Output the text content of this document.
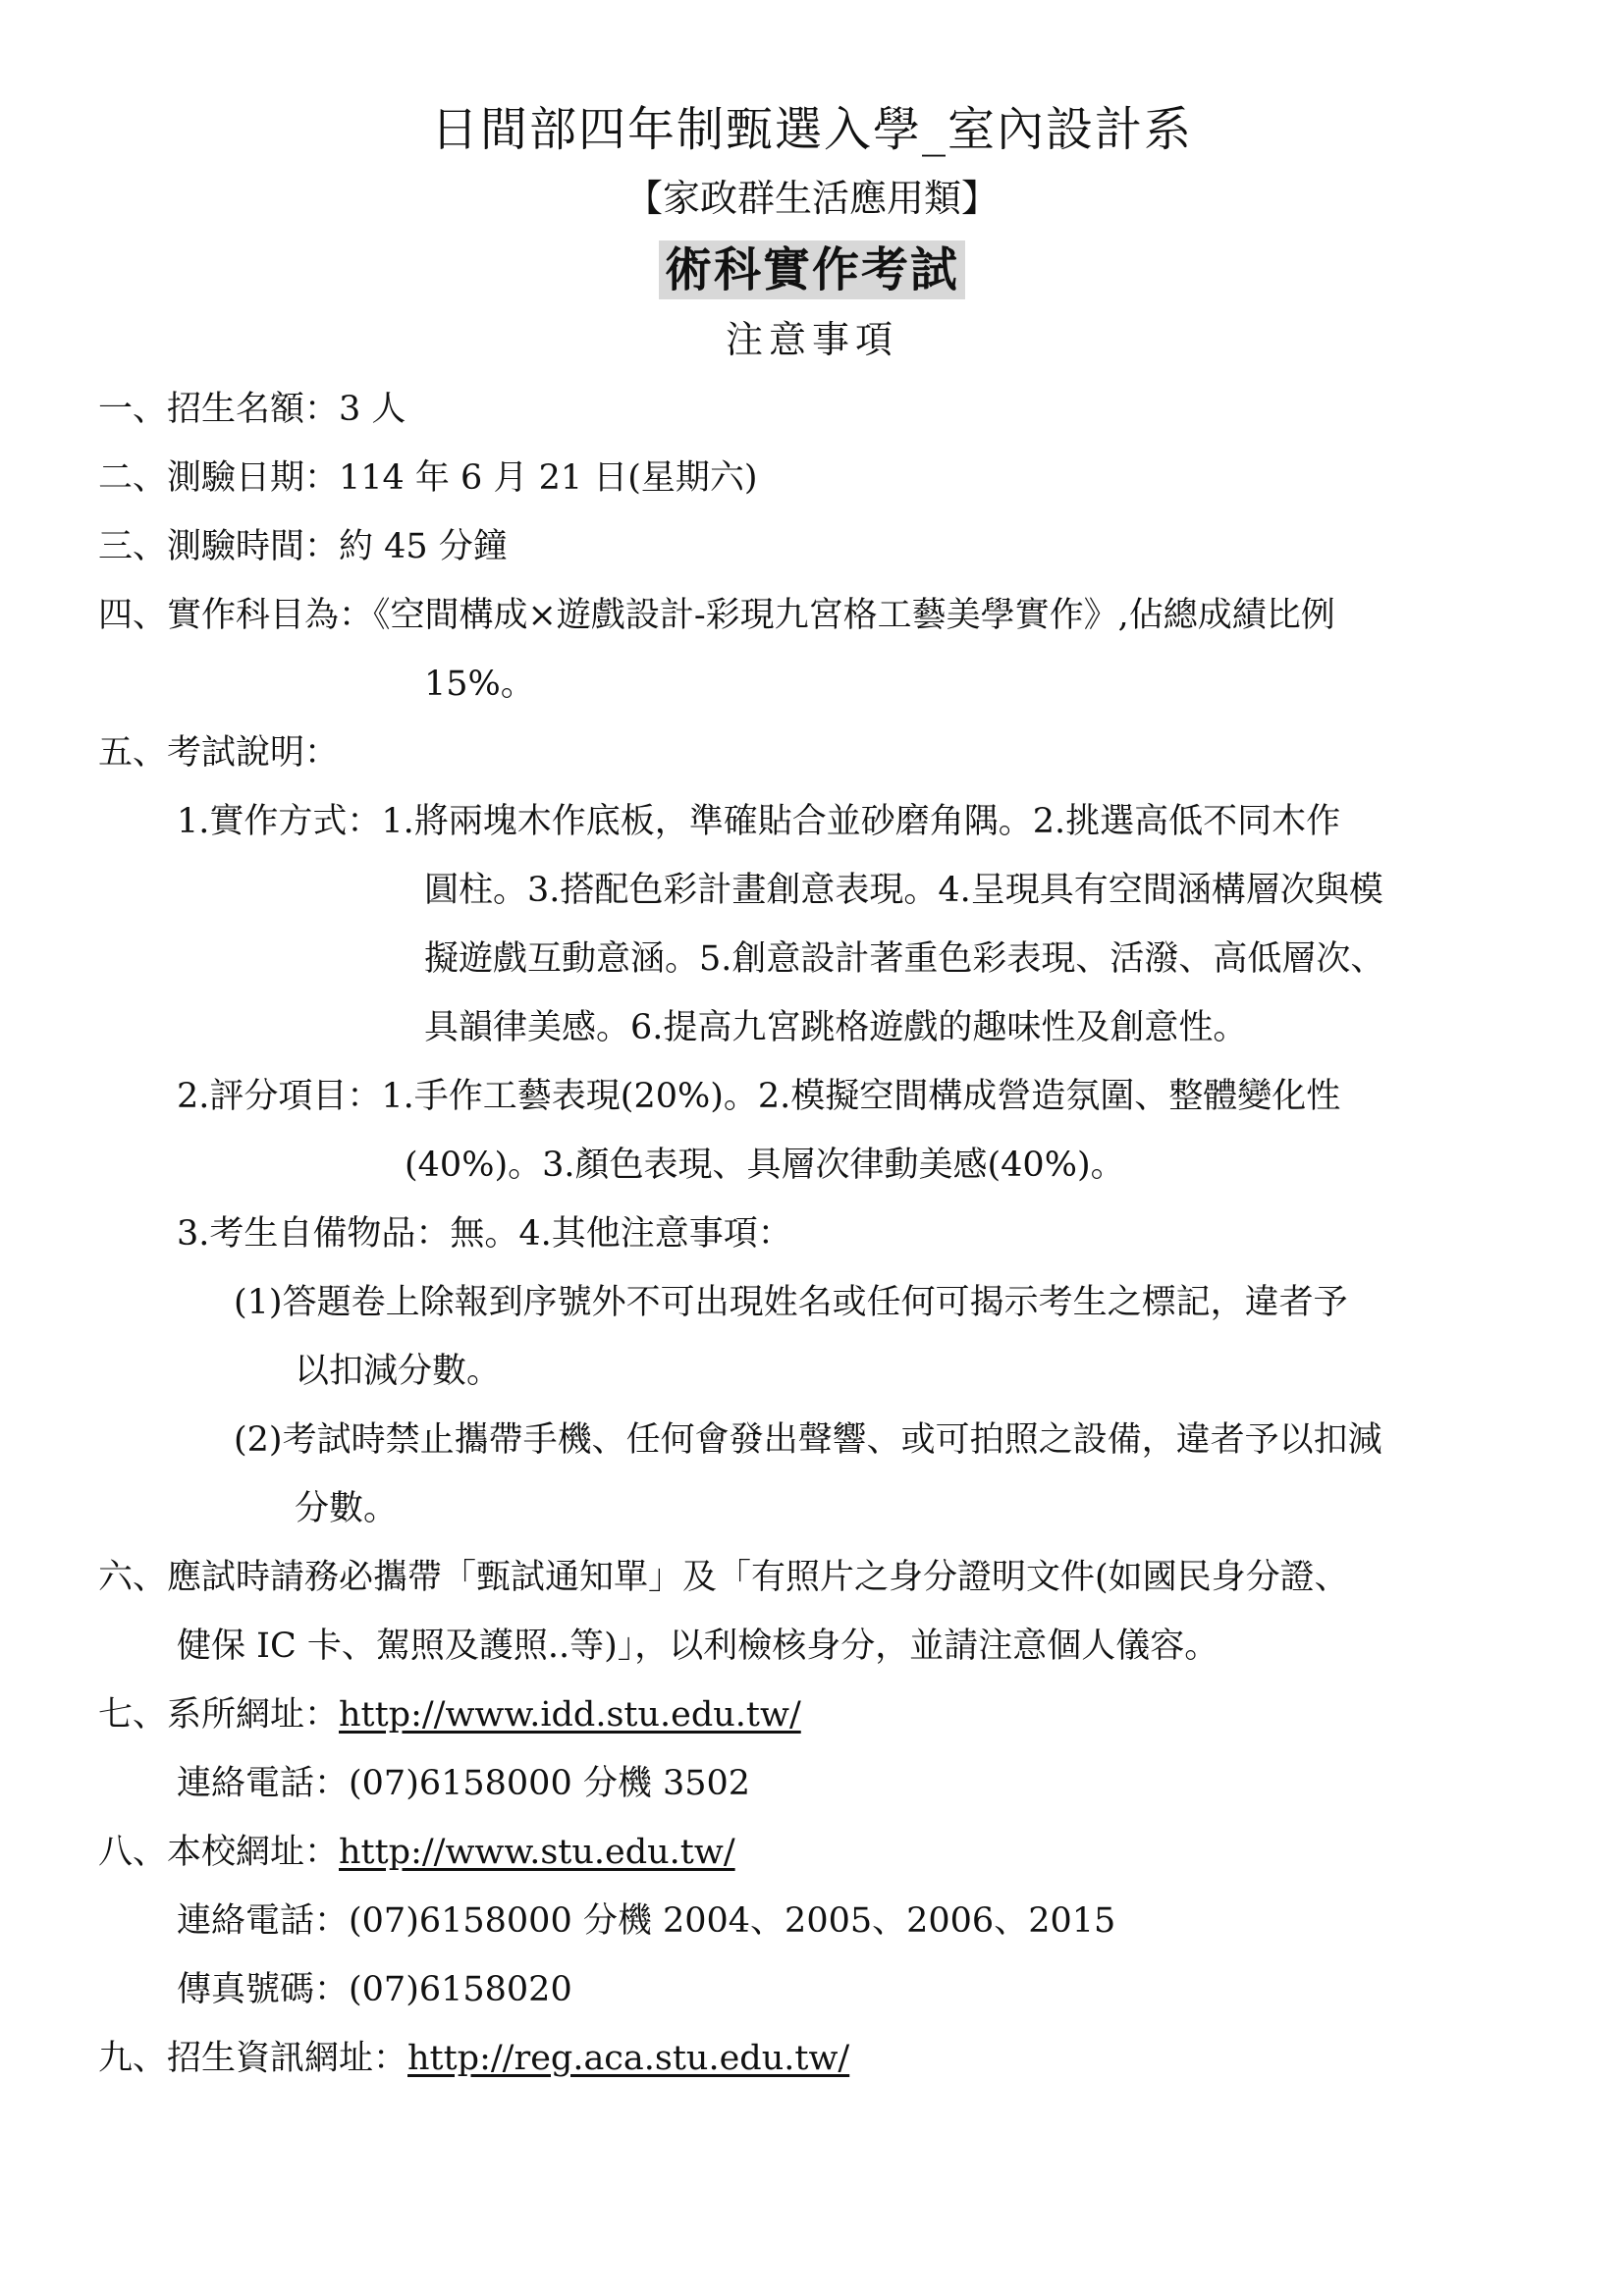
日間部四年制甄選入學_室內設計系
【家政群生活應用類】
術科實作考試
注意事項
一、招生名額：3 人
二、測驗日期：114 年 6 月 21 日(星期六)
三、測驗時間：約 45 分鐘
四、實作科目為：《空間構成×遊戲設計-彩現九宮格工藝美學實作》,佔總成績比例
15%。
五、考試說明：
1.實作方式：1.將兩塊木作底板，準確貼合並砂磨角隅。2.挑選高低不同木作
圓柱。3.搭配色彩計畫創意表現。4.呈現具有空間涵構層次與模
擬遊戲互動意涵。5.創意設計著重色彩表現、活潑、高低層次、
具韻律美感。6.提高九宮跳格遊戲的趣味性及創意性。
2.評分項目：1.手作工藝表現(20%)。2.模擬空間構成營造氛圍、整體變化性
(40%)。3.顏色表現、具層次律動美感(40%)。
3.考生自備物品：無。4.其他注意事項：
(1)答題卷上除報到序號外不可出現姓名或任何可揭示考生之標記，違者予
以扣減分數。
(2)考試時禁止攜帶手機、任何會發出聲響、或可拍照之設備，違者予以扣減
分數。
六、應試時請務必攜帶「甄試通知單」及「有照片之身分證明文件(如國民身分證、
健保 IC 卡、駕照及護照..等)」，以利檢核身分，並請注意個人儀容。
七、系所網址：http://www.idd.stu.edu.tw/
連絡電話：(07)6158000 分機 3502
八、本校網址：http://www.stu.edu.tw/
連絡電話：(07)6158000 分機 2004、2005、2006、2015
傳真號碼：(07)6158020
九、招生資訊網址：http://reg.aca.stu.edu.tw/
